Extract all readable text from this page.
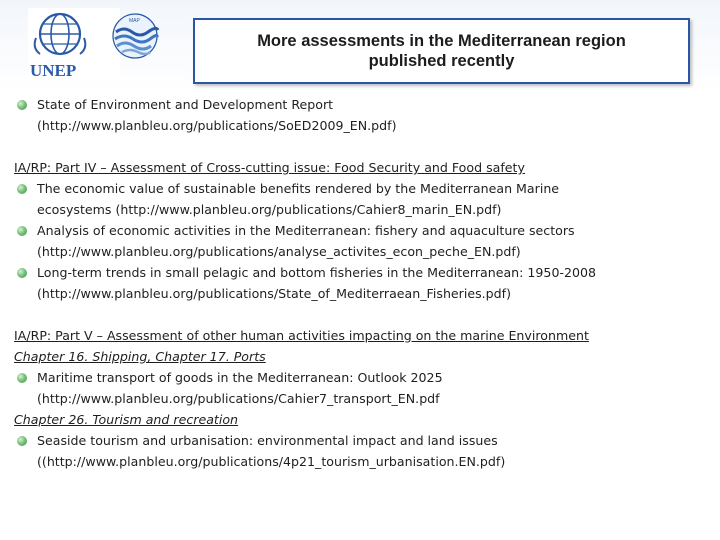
UNEP
MAP
More assessments in the Mediterranean region
published recently
State of Environment and Development Report
(http://www.planbleu.org/publications/SoED2009_EN.pdf)
IA/RP: Part IV – Assessment of Cross-cutting issue: Food Security and Food safety
The economic value of sustainable benefits rendered by the Mediterranean Marine
ecosystems (http://www.planbleu.org/publications/Cahier8_marin_EN.pdf)
Analysis of economic activities in the Mediterranean: fishery and aquaculture sectors
(http://www.planbleu.org/publications/analyse_activites_econ_peche_EN.pdf)
Long-term trends in small pelagic and bottom fisheries in the Mediterranean: 1950-2008
(http://www.planbleu.org/publications/State_of_Mediterraean_Fisheries.pdf)
IA/RP: Part V – Assessment of other human activities impacting on the marine Environment
Chapter 16. Shipping, Chapter 17. Ports
Maritime transport of goods in the Mediterranean: Outlook 2025
(http://www.planbleu.org/publications/Cahier7_transport_EN.pdf
Chapter 26. Tourism and recreation
Seaside tourism and urbanisation: environmental impact and land issues
((http://www.planbleu.org/publications/4p21_tourism_urbanisation.EN.pdf)
